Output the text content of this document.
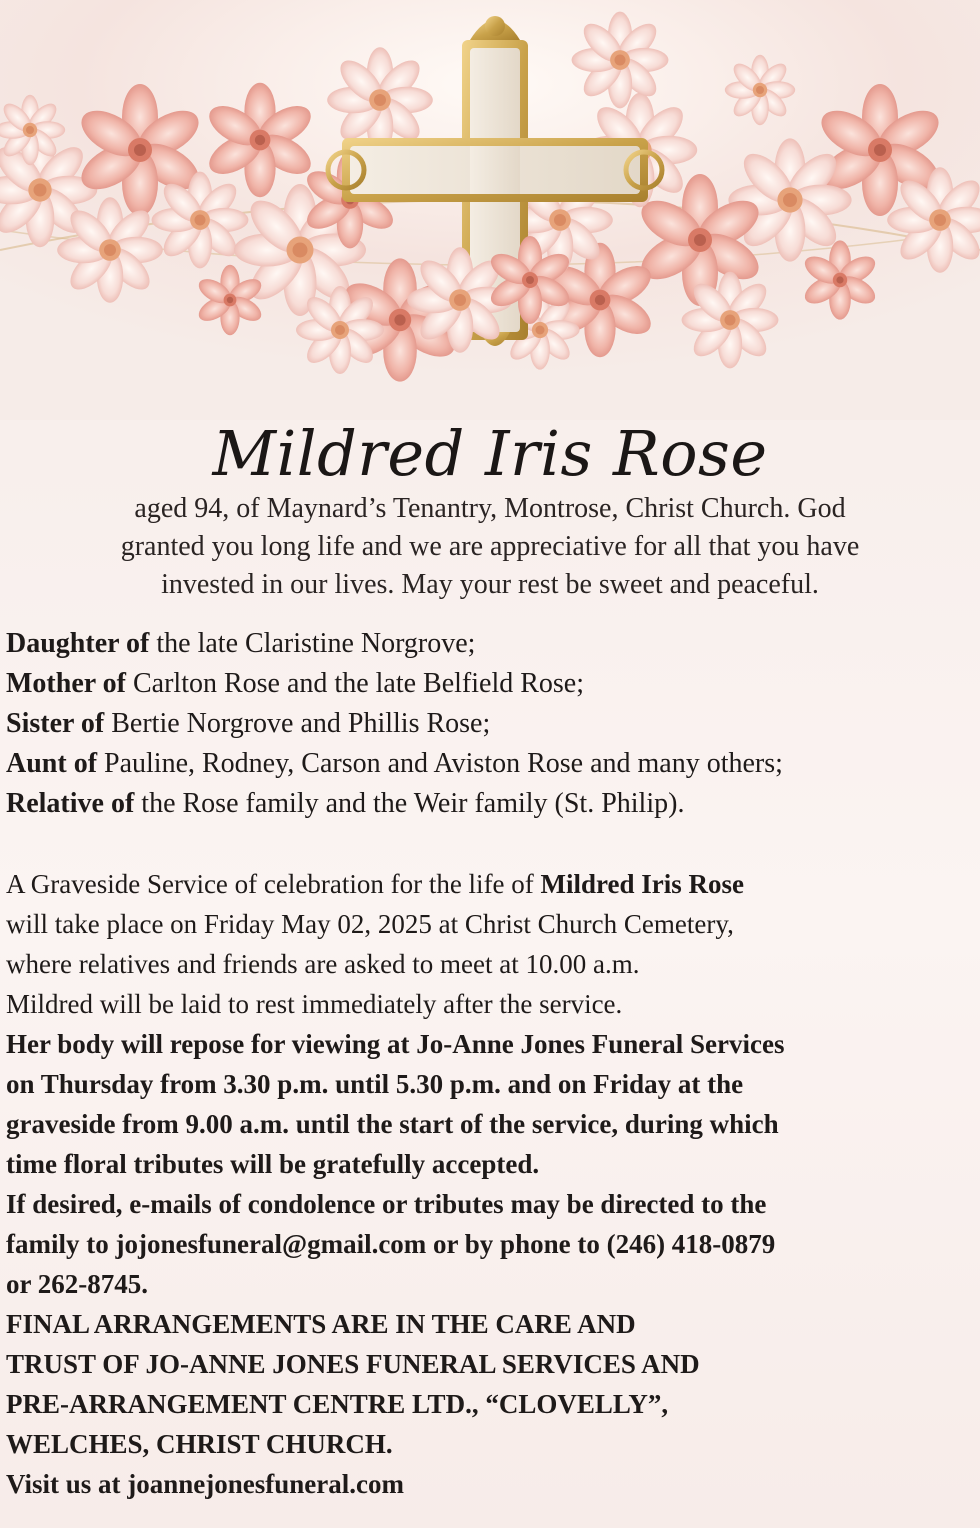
Mildred Iris Rose
aged 94, of Maynard’s Tenantry, Montrose, Christ Church. God
granted you long life and we are appreciative for all that you have
invested in our lives. May your rest be sweet and peaceful.
Daughter of the late Claristine Norgrove;
Mother of Carlton Rose and the late Belfield Rose;
Sister of Bertie Norgrove and Phillis Rose;
Aunt of Pauline, Rodney, Carson and Aviston Rose and many others;
Relative of the Rose family and the Weir family (St. Philip).
A Graveside Service of celebration for the life of Mildred Iris Rose
will take place on Friday May 02, 2025 at Christ Church Cemetery,
where relatives and friends are asked to meet at 10.00 a.m.
Mildred will be laid to rest immediately after the service.
Her body will repose for viewing at Jo-Anne Jones Funeral Services
on Thursday from 3.30 p.m. until 5.30 p.m. and on Friday at the
graveside from 9.00 a.m. until the start of the service, during which
time floral tributes will be gratefully accepted.
If desired, e-mails of condolence or tributes may be directed to the
family to jojonesfuneral@gmail.com or by phone to (246) 418-0879
or 262-8745.
FINAL ARRANGEMENTS ARE IN THE CARE AND
TRUST OF JO-ANNE JONES FUNERAL SERVICES AND
PRE-ARRANGEMENT CENTRE LTD., “CLOVELLY”,
WELCHES, CHRIST CHURCH.
Visit us at joannejonesfuneral.com
